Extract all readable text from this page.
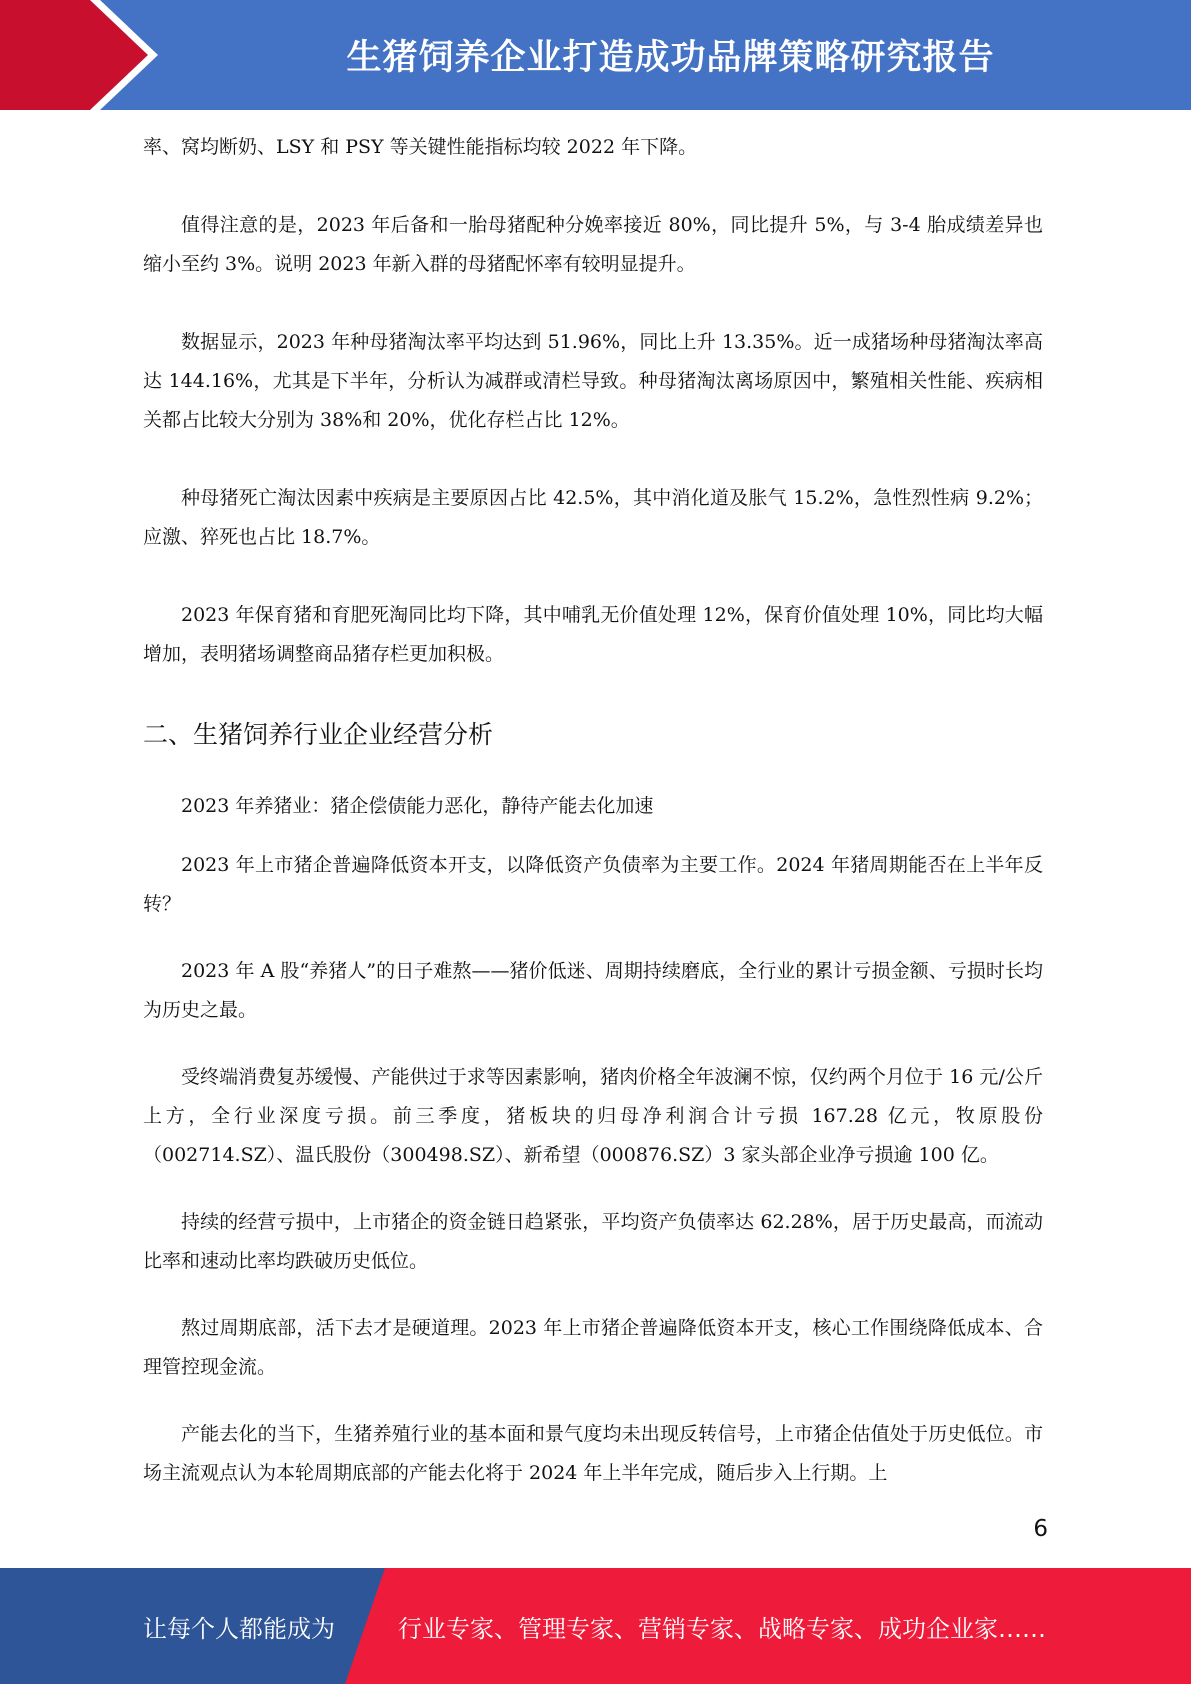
生猪饲养企业打造成功品牌策略研究报告

率、窝均断奶、LSY 和 PSY 等关键性能指标均较 2022 年下降。

值得注意的是，2023 年后备和一胎母猪配种分娩率接近 80%，同比提升 5%，与 3-4 胎成绩差异也缩小至约 3%。说明 2023 年新入群的母猪配怀率有较明显提升。

数据显示，2023 年种母猪淘汰率平均达到 51.96%，同比上升 13.35%。近一成猪场种母猪淘汰率高达 144.16%，尤其是下半年，分析认为减群或清栏导致。种母猪淘汰离场原因中，繁殖相关性能、疾病相关都占比较大分别为 38%和 20%，优化存栏占比 12%。

种母猪死亡淘汰因素中疾病是主要原因占比 42.5%，其中消化道及胀气 15.2%，急性烈性病 9.2%；应激、猝死也占比 18.7%。

2023 年保育猪和育肥死淘同比均下降，其中哺乳无价值处理 12%，保育价值处理 10%，同比均大幅增加，表明猪场调整商品猪存栏更加积极。

二、生猪饲养行业企业经营分析

2023 年养猪业：猪企偿债能力恶化，静待产能去化加速

2023 年上市猪企普遍降低资本开支，以降低资产负债率为主要工作。2024 年猪周期能否在上半年反转？

2023 年 A 股“养猪人”的日子难熬——猪价低迷、周期持续磨底，全行业的累计亏损金额、亏损时长均为历史之最。

受终端消费复苏缓慢、产能供过于求等因素影响，猪肉价格全年波澜不惊，仅约两个月位于 16 元/公斤上方，全行业深度亏损。前三季度，猪板块的归母净利润合计亏损 167.28 亿元，牧原股份（002714.SZ）、温氏股份（300498.SZ）、新希望（000876.SZ）3 家头部企业净亏损逾 100 亿。

持续的经营亏损中，上市猪企的资金链日趋紧张，平均资产负债率达 62.28%，居于历史最高，而流动比率和速动比率均跌破历史低位。

熬过周期底部，活下去才是硬道理。2023 年上市猪企普遍降低资本开支，核心工作围绕降低成本、合理管控现金流。

产能去化的当下，生猪养殖行业的基本面和景气度均未出现反转信号，上市猪企估值处于历史低位。市场主流观点认为本轮周期底部的产能去化将于 2024 年上半年完成，随后步入上行期。上

6
让每个人都能成为	行业专家、管理专家、营销专家、战略专家、成功企业家……
